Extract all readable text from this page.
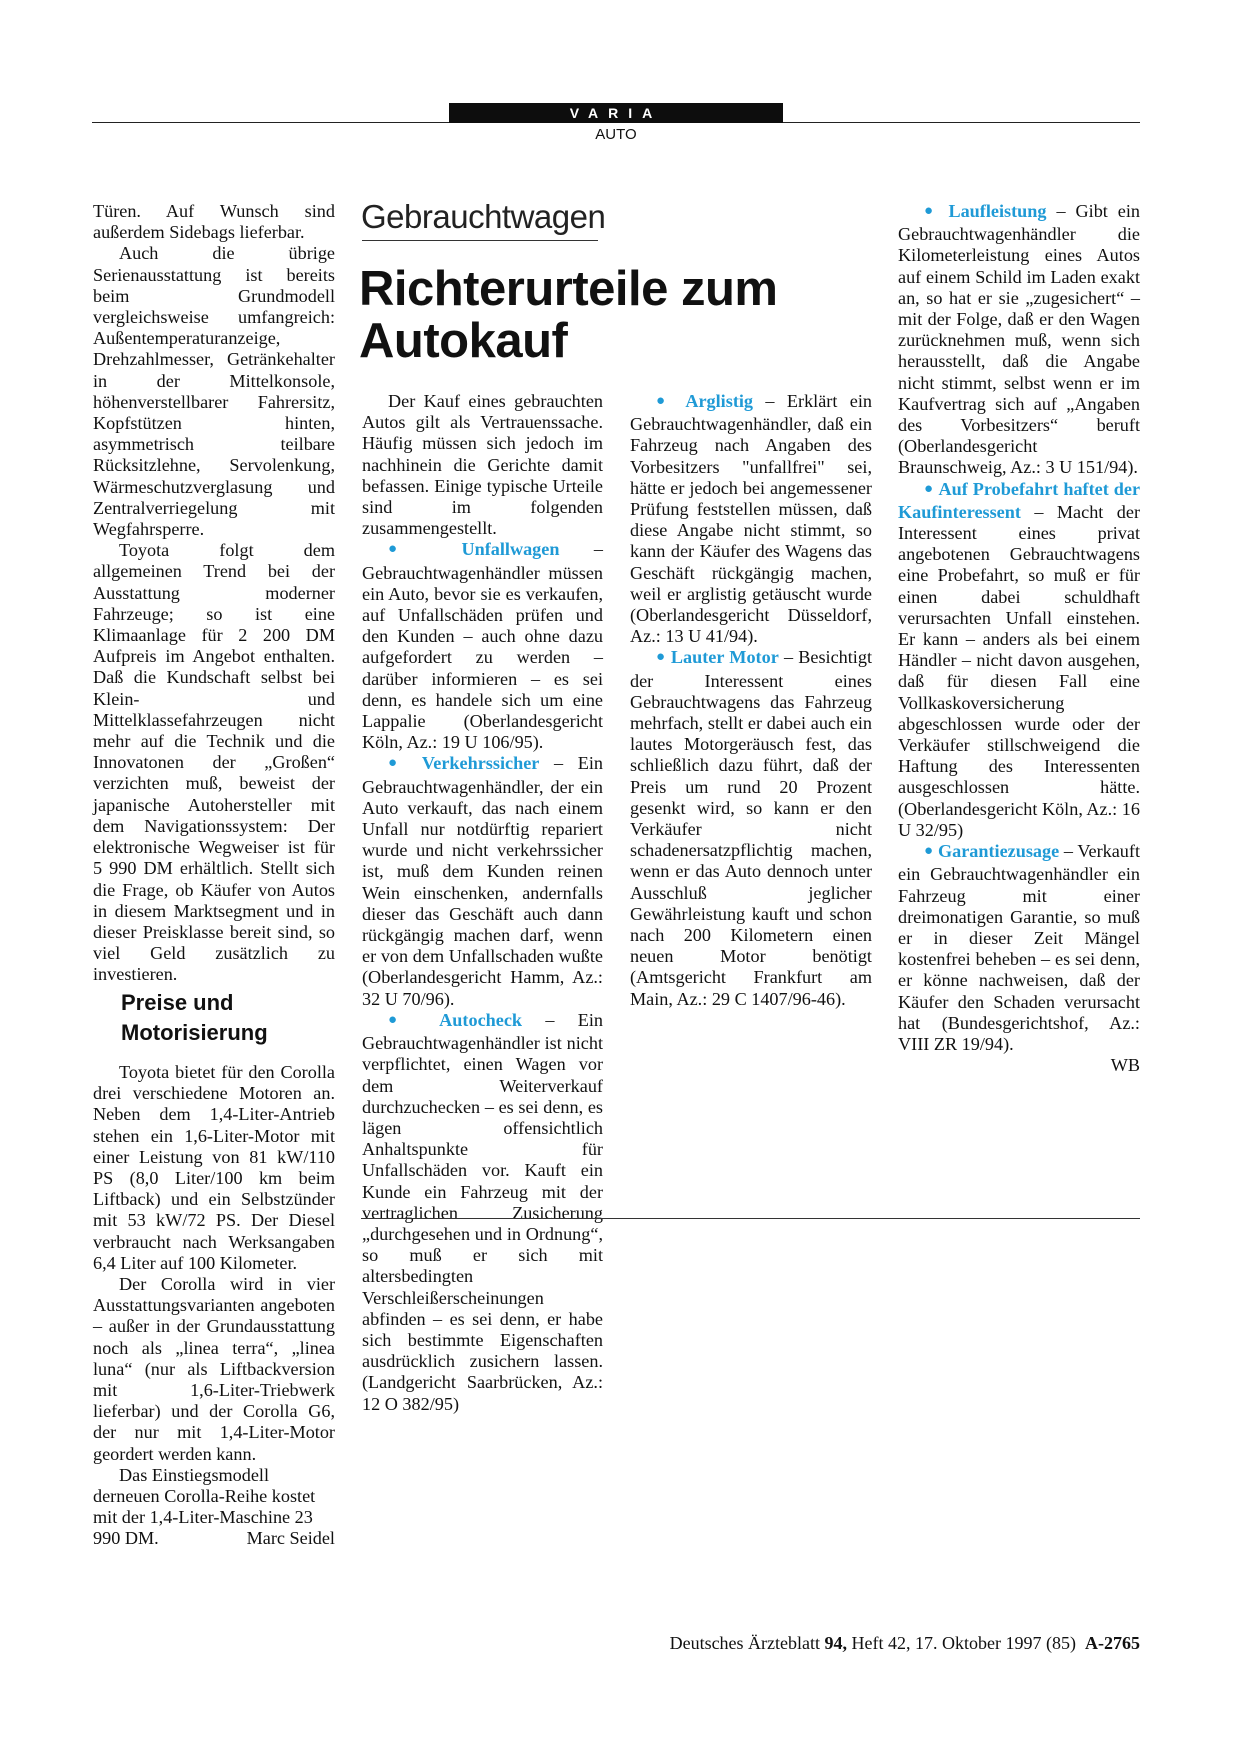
VARIA
AUTO

Türen. Auf Wunsch sind außerdem Sidebags lieferbar.

Auch die übrige Serienausstattung ist bereits beim Grundmodell vergleichsweise umfangreich: Außentemperaturanzeige, Drehzahlmesser, Getränkehalter in der Mittelkonsole, höhenverstellbarer Fahrersitz, Kopfstützen hinten, asymmetrisch teilbare Rücksitzlehne, Servolenkung, Wärmeschutzverglasung und Zentralverriegelung mit Wegfahrsperre.

Toyota folgt dem allgemeinen Trend bei der Ausstattung moderner Fahrzeuge; so ist eine Klimaanlage für 2 200 DM Aufpreis im Angebot enthalten. Daß die Kundschaft selbst bei Klein- und Mittelklassefahrzeugen nicht mehr auf die Technik und die Innovatonen der „Großen“ verzichten muß, beweist der japanische Autohersteller mit dem Navigationssystem: Der elektronische Wegweiser ist für 5 990 DM erhältlich. Stellt sich die Frage, ob Käufer von Autos in diesem Marktsegment und in dieser Preisklasse bereit sind, so viel Geld zusätzlich zu investieren.

Preise und
Motorisierung

Toyota bietet für den Corolla drei verschiedene Motoren an. Neben dem 1,4-Liter-Antrieb stehen ein 1,6-Liter-Motor mit einer Leistung von 81 kW/110 PS (8,0 Liter/100 km beim Liftback) und ein Selbstzünder mit 53 kW/72 PS. Der Diesel verbraucht nach Werksangaben 6,4 Liter auf 100 Kilometer.

Der Corolla wird in vier Ausstattungsvarianten angeboten – außer in der Grundausstattung noch als „linea terra“, „linea luna“ (nur als Liftbackversion mit 1,6-Liter-Triebwerk lieferbar) und der Corolla G6, der nur mit 1,4-Liter-Motor geordert werden kann.

Das Einstiegsmodell derneuen Corolla-Reihe kostet mit der 1,4-Liter-Maschine 23 990 DM.	Marc Seidel

Gebrauchtwagen
Richterurteile zum
Autokauf

Der Kauf eines gebrauchten Autos gilt als Vertrauenssache. Häufig müssen sich jedoch im nachhinein die Gerichte damit befassen. Einige typische Urteile sind im folgenden zusammengestellt.

● Unfallwagen – Gebrauchtwagenhändler müssen ein Auto, bevor sie es verkaufen, auf Unfallschäden prüfen und den Kunden – auch ohne dazu aufgefordert zu werden – darüber informieren – es sei denn, es handele sich um eine Lappalie (Oberlandesgericht Köln, Az.: 19 U 106/95).

● Verkehrssicher – Ein Gebrauchtwagenhändler, der ein Auto verkauft, das nach einem Unfall nur notdürftig repariert wurde und nicht verkehrssicher ist, muß dem Kunden reinen Wein einschenken, andernfalls dieser das Geschäft auch dann rückgängig machen darf, wenn er von dem Unfallschaden wußte (Oberlandesgericht Hamm, Az.: 32 U 70/96).

● Autocheck – Ein Gebrauchtwagenhändler ist nicht verpflichtet, einen Wagen vor dem Weiterverkauf durchzuchecken – es sei denn, es lägen offensichtlich Anhaltspunkte für Unfallschäden vor. Kauft ein Kunde ein Fahrzeug mit der vertraglichen Zusicherung „durchgesehen und in Ordnung“, so muß er sich mit altersbedingten Verschleißerscheinungen abfinden – es sei denn, er habe sich bestimmte Eigenschaften ausdrücklich zusichern lassen. (Landgericht Saarbrücken, Az.: 12 O 382/95)

● Arglistig – Erklärt ein Gebrauchtwagenhändler, daß ein Fahrzeug nach Angaben des Vorbesitzers "unfallfrei" sei, hätte er jedoch bei angemessener Prüfung feststellen müssen, daß diese Angabe nicht stimmt, so kann der Käufer des Wagens das Geschäft rückgängig machen, weil er arglistig getäuscht wurde (Oberlandesgericht Düsseldorf, Az.: 13 U 41/94).

● Lauter Motor – Besichtigt der Interessent eines Gebrauchtwagens das Fahrzeug mehrfach, stellt er dabei auch ein lautes Motorgeräusch fest, das schließlich dazu führt, daß der Preis um rund 20 Prozent gesenkt wird, so kann er den Verkäufer nicht schadenersatzpflichtig machen, wenn er das Auto dennoch unter Ausschluß jeglicher Gewährleistung kauft und schon nach 200 Kilometern einen neuen Motor benötigt (Amtsgericht Frankfurt am Main, Az.: 29 C 1407/96-46).

● Laufleistung – Gibt ein Gebrauchtwagenhändler die Kilometerleistung eines Autos auf einem Schild im Laden exakt an, so hat er sie „zugesichert“ – mit der Folge, daß er den Wagen zurücknehmen muß, wenn sich herausstellt, daß die Angabe nicht stimmt, selbst wenn er im Kaufvertrag sich auf „Angaben des Vorbesitzers“ beruft (Oberlandesgericht Braunschweig, Az.: 3 U 151/94).

● Auf Probefahrt haftet der Kaufinteressent – Macht der Interessent eines privat angebotenen Gebrauchtwagens eine Probefahrt, so muß er für einen dabei schuldhaft verursachten Unfall einstehen. Er kann – anders als bei einem Händler – nicht davon ausgehen, daß für diesen Fall eine Vollkaskoversicherung abgeschlossen wurde oder der Verkäufer stillschweigend die Haftung des Interessenten ausgeschlossen hätte. (Oberlandesgericht Köln, Az.: 16 U 32/95)

● Garantiezusage – Verkauft ein Gebrauchtwagenhändler ein Fahrzeug mit einer dreimonatigen Garantie, so muß er in dieser Zeit Mängel kostenfrei beheben – es sei denn, er könne nachweisen, daß der Käufer den Schaden verursacht hat (Bundesgerichtshof, Az.: VIII ZR 19/94).

WB

Deutsches Ärzteblatt 94, Heft 42, 17. Oktober 1997 (85) A-2765
